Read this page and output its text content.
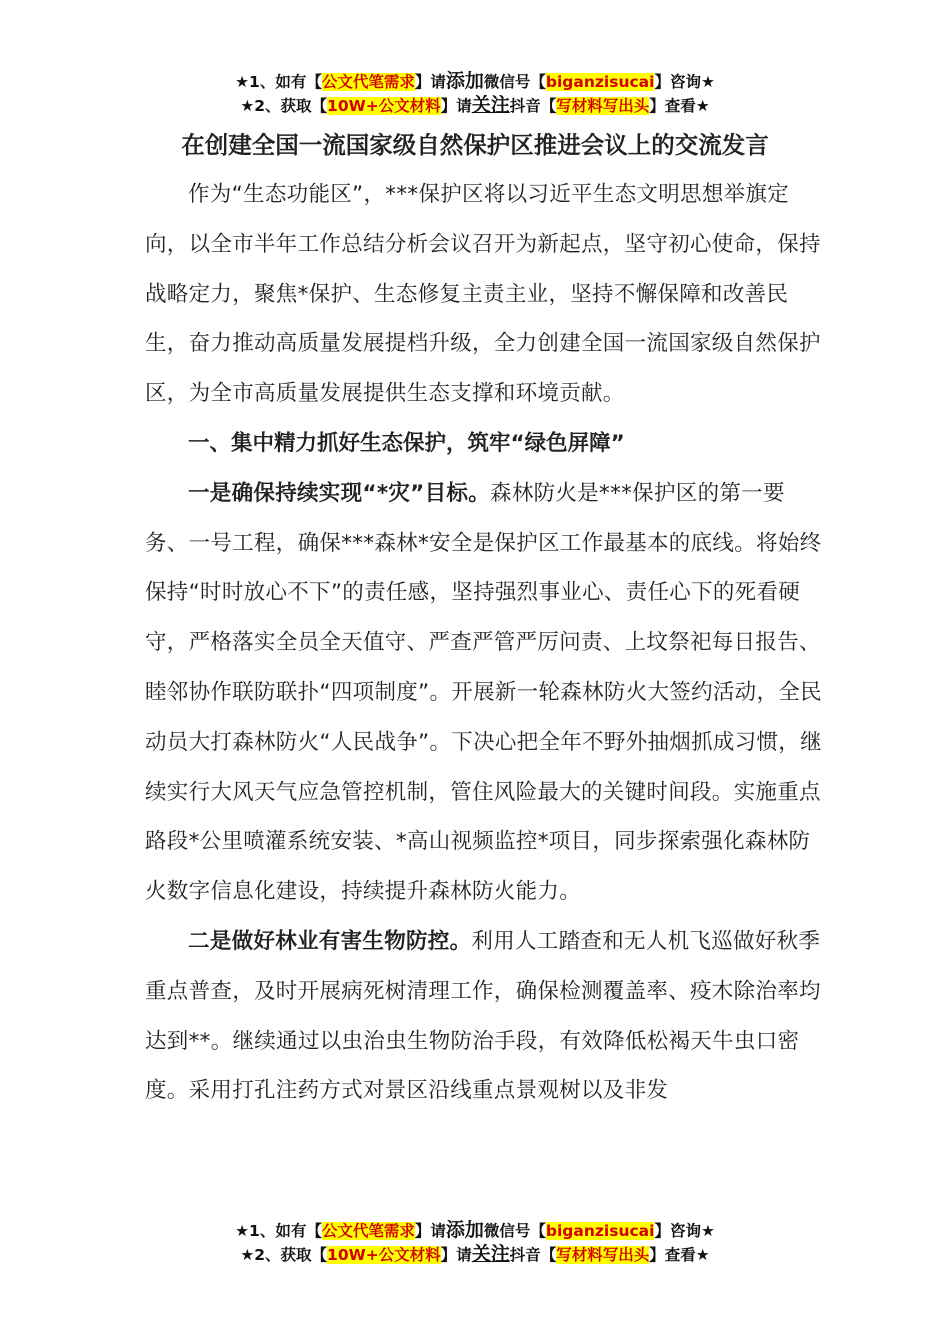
★1、如有【公文代笔需求】请添加微信号【biganzisucai】咨询★
★2、获取【10W+公文材料】请关注抖音【写材料写出头】查看★
在创建全国一流国家级自然保护区推进会议上的交流发言

作为“生态功能区”，***保护区将以习近平生态文明思想举旗定向，以全市半年工作总结分析会议召开为新起点，坚守初心使命，保持战略定力，聚焦*保护、生态修复主责主业，坚持不懈保障和改善民生，奋力推动高质量发展提档升级，全力创建全国一流国家级自然保护区，为全市高质量发展提供生态支撑和环境贡献。

一、集中精力抓好生态保护，筑牢“绿色屏障”

一是确保持续实现“*灾”目标。森林防火是***保护区的第一要务、一号工程，确保***森林*安全是保护区工作最基本的底线。将始终保持“时时放心不下”的责任感，坚持强烈事业心、责任心下的死看硬守，严格落实全员全天值守、严查严管严厉问责、上坟祭祀每日报告、睦邻协作联防联扑“四项制度”。开展新一轮森林防火大签约活动，全民动员大打森林防火“人民战争”。下决心把全年不野外抽烟抓成习惯，继续实行大风天气应急管控机制，管住风险最大的关键时间段。实施重点路段*公里喷灌系统安装、*高山视频监控*项目，同步探索强化森林防火数字信息化建设，持续提升森林防火能力。

二是做好林业有害生物防控。利用人工踏查和无人机飞巡做好秋季重点普查，及时开展病死树清理工作，确保检测覆盖率、疫木除治率均达到**。继续通过以虫治虫生物防治手段，有效降低松褐天牛虫口密度。采用打孔注药方式对景区沿线重点景观树以及非发

★1、如有【公文代笔需求】请添加微信号【biganzisucai】咨询★
★2、获取【10W+公文材料】请关注抖音【写材料写出头】查看★
